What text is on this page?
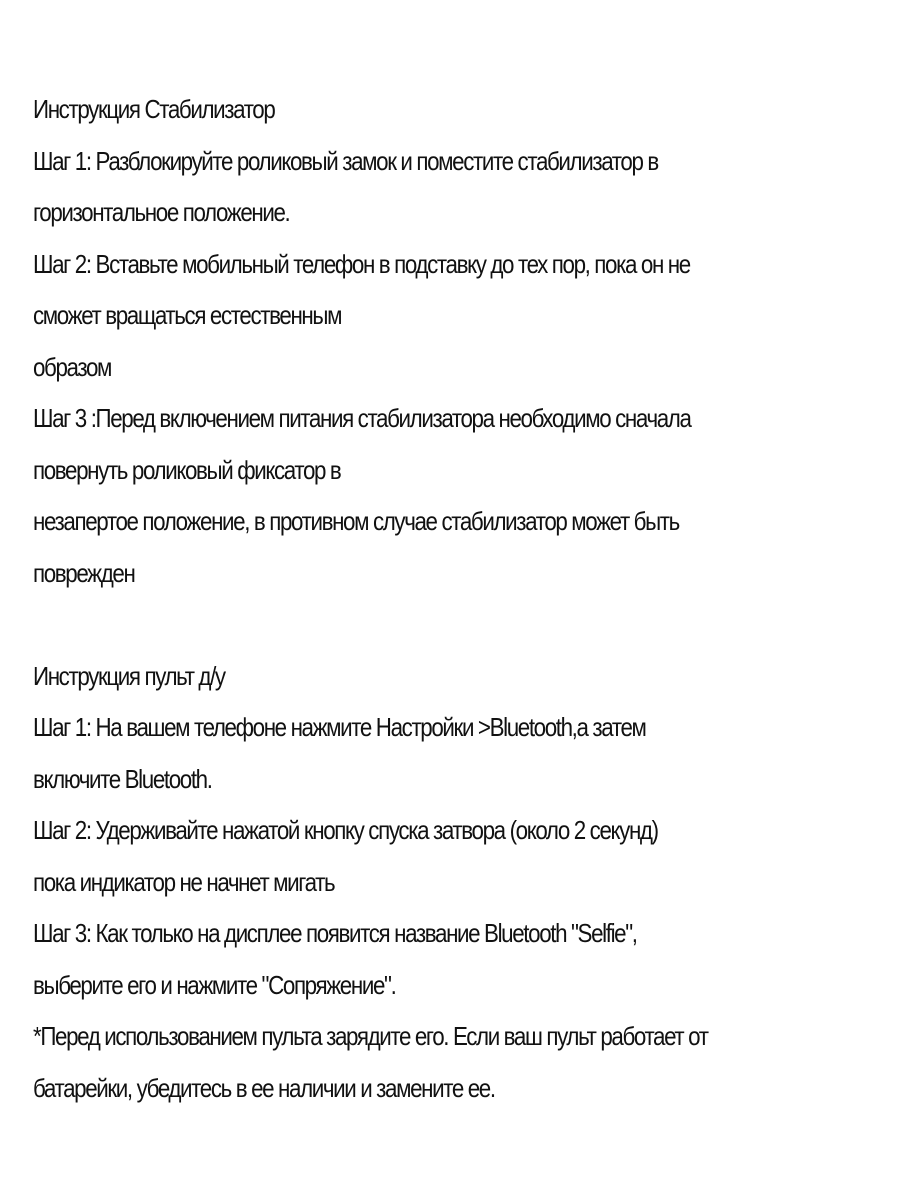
Инструкция Стабилизатор

Шаг 1: Разблокируйте роликовый замок и поместите стабилизатор в

горизонтальное положение.

Шаг 2: Вставьте мобильный телефон в подставку до тех пор, пока он не

сможет вращаться естественным

образом

Шаг 3 :Перед включением питания стабилизатора необходимо сначала

повернуть роликовый фиксатор в

незапертое положение, в противном случае стабилизатор может быть

поврежден

Инструкция пульт д/у

Шаг 1: На вашем телефоне нажмите Настройки >Bluetooth,а затем

включите Bluetooth.

Шаг 2: Удерживайте нажатой кнопку спуска затвора (около 2 секунд)

пока индикатор не начнет мигать

Шаг 3: Как только на дисплее появится название Bluetooth "Selfie",

выберите его и нажмите "Сопряжение".

*Перед использованием пульта зарядите его. Если ваш пульт работает от

батарейки, убедитесь в ее наличии и замените ее.
